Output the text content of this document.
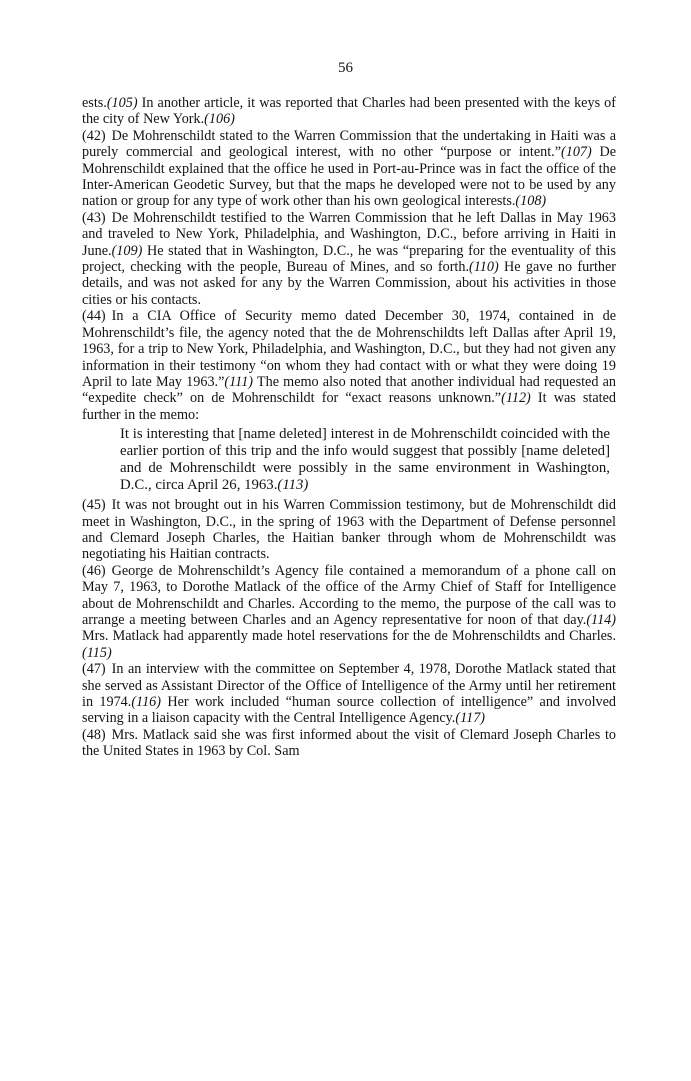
56
ests.(105) In another article, it was reported that Charles had been presented with the keys of the city of New York.(106)
(42) De Mohrenschildt stated to the Warren Commission that the undertaking in Haiti was a purely commercial and geological interest, with no other “purpose or intent.”(107) De Mohrenschildt explained that the office he used in Port-au-Prince was in fact the office of the Inter-American Geodetic Survey, but that the maps he developed were not to be used by any nation or group for any type of work other than his own geological interests.(108)
(43) De Mohrenschildt testified to the Warren Commission that he left Dallas in May 1963 and traveled to New York, Philadelphia, and Washington, D.C., before arriving in Haiti in June.(109) He stated that in Washington, D.C., he was “preparing for the eventuality of this project, checking with the people, Bureau of Mines, and so forth.(110) He gave no further details, and was not asked for any by the Warren Commission, about his activities in those cities or his contacts.
(44) In a CIA Office of Security memo dated December 30, 1974, contained in de Mohrenschildt’s file, the agency noted that the de Mohrenschildts left Dallas after April 19, 1963, for a trip to New York, Philadelphia, and Washington, D.C., but they had not given any information in their testimony “on whom they had contact with or what they were doing 19 April to late May 1963.”(111) The memo also noted that another individual had requested an “expedite check” on de Mohrenschildt for “exact reasons unknown.”(112) It was stated further in the memo:
It is interesting that [name deleted] interest in de Mohrenschildt coincided with the earlier portion of this trip and the info would suggest that possibly [name deleted] and de Mohrenschildt were possibly in the same environment in Washington, D.C., circa April 26, 1963.(113)
(45) It was not brought out in his Warren Commission testimony, but de Mohrenschildt did meet in Washington, D.C., in the spring of 1963 with the Department of Defense personnel and Clemard Joseph Charles, the Haitian banker through whom de Mohrenschildt was negotiating his Haitian contracts.
(46) George de Mohrenschildt’s Agency file contained a memorandum of a phone call on May 7, 1963, to Dorothe Matlack of the office of the Army Chief of Staff for Intelligence about de Mohrenschildt and Charles. According to the memo, the purpose of the call was to arrange a meeting between Charles and an Agency representative for noon of that day.(114) Mrs. Matlack had apparently made hotel reservations for the de Mohrenschildts and Charles.(115)
(47) In an interview with the committee on September 4, 1978, Dorothe Matlack stated that she served as Assistant Director of the Office of Intelligence of the Army until her retirement in 1974.(116) Her work included “human source collection of intelligence” and involved serving in a liaison capacity with the Central Intelligence Agency.(117)
(48) Mrs. Matlack said she was first informed about the visit of Clemard Joseph Charles to the United States in 1963 by Col. Sam
